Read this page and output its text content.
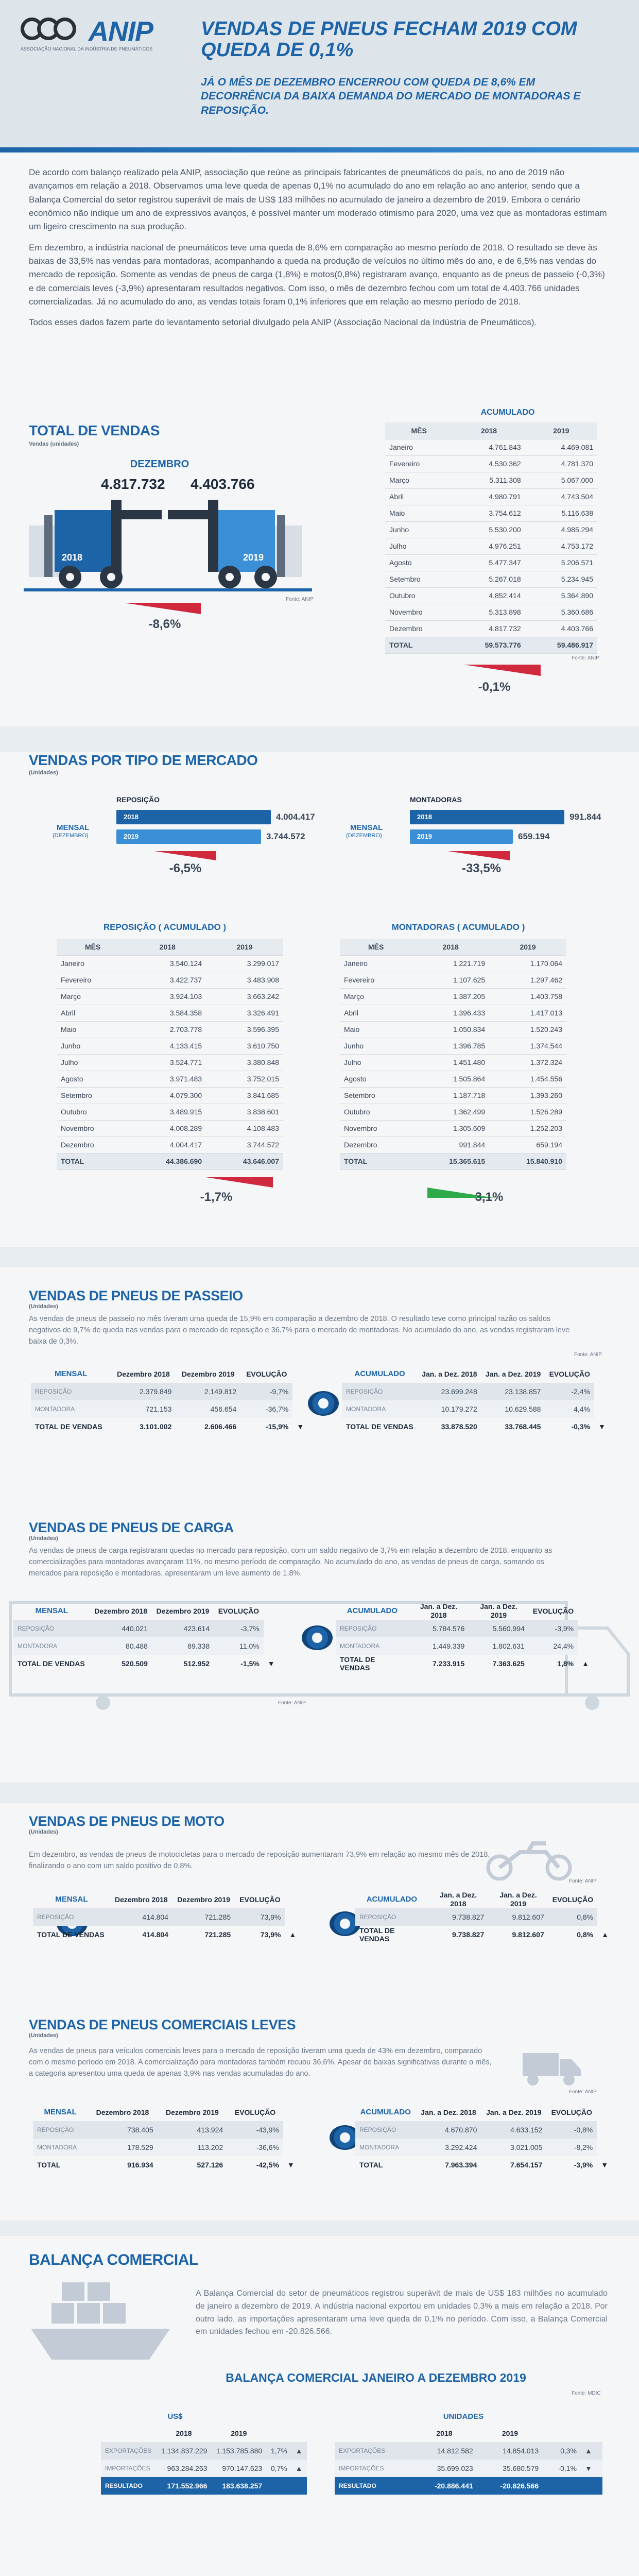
ANIP
ASSOCIAÇÃO NACIONAL DA INDÚSTRIA DE PNEUMÁTICOS
VENDAS DE PNEUS FECHAM 2019 COM QUEDA DE 0,1%
JÁ O MÊS DE DEZEMBRO ENCERROU COM QUEDA DE 8,6% EM DECORRÊNCIA DA BAIXA DEMANDA DO MERCADO DE MONTADORAS E REPOSIÇÃO.

De acordo com balanço realizado pela ANIP, associação que reúne as principais fabricantes de pneumáticos do país, no ano de 2019 não avançamos em relação a 2018. Observamos uma leve queda de apenas 0,1% no acumulado do ano em relação ao ano anterior, sendo que a Balança Comercial do setor registrou superávit de mais de US$ 183 milhões no acumulado de janeiro a dezembro de 2019. Embora o cenário econômico não indique um ano de expressivos avanços, é possível manter um moderado otimismo para 2020, uma vez que as montadoras estimam um ligeiro crescimento na sua produção.

Em dezembro, a indústria nacional de pneumáticos teve uma queda de 8,6% em comparação ao mesmo período de 2018. O resultado se deve às baixas de 33,5% nas vendas para montadoras, acompanhando a queda na produção de veículos no último mês do ano, e de 6,5% nas vendas do mercado de reposição. Somente as vendas de pneus de carga (1,8%) e motos(0,8%) registraram avanço, enquanto as de pneus de passeio (-0,3%) e de comerciais leves (-3,9%) apresentaram resultados negativos. Com isso, o mês de dezembro fechou com um total de 4.403.766 unidades comercializadas. Já no acumulado do ano, as vendas totais foram 0,1% inferiores que em relação ao mesmo período de 2018.

Todos esses dados fazem parte do levantamento setorial divulgado pela ANIP (Associação Nacional da Indústria de Pneumáticos).

TOTAL DE VENDAS
Vendas (unidades)
DEZEMBRO
4.817.732 4.403.766
2018	2019
Fonte: ANIP
-8,6%
ACUMULADO
MÊS	2018	2019
Janeiro	4.761.843	4.469.081
Fevereiro	4.530.362	4.781.370
Março	5.311.308	5.067.000
Abril	4.980.791	4.743.504
Maio	3.754.612	5.116.638
Junho	5.530.200	4.985.294
Julho	4.976.251	4.753.172
Agosto	5.477.347	5.206.571
Setembro	5.267.018	5.234.945
Outubro	4.852.414	5.364.890
Novembro	5.313.898	5.360.686
Dezembro	4.817.732	4.403.766
TOTAL	59.573.776	59.486.917
Fonte: ANIP
-0,1%
VENDAS POR TIPO DE MERCADO
(Unidades)
REPOSIÇÃO
MENSAL
(DEZEMBRO)
2018	4.004.417
2019	3.744.572
-6,5%
MONTADORAS
MENSAL
(DEZEMBRO)
2018	991.844
2019	659.194
-33,5%
REPOSIÇÃO ( ACUMULADO )
MÊS	2018	2019
Janeiro	3.540.124	3.299.017
Fevereiro	3.422.737	3.483.908
Março	3.924.103	3.663.242
Abril	3.584.358	3.326.491
Maio	2.703.778	3.596.395
Junho	4.133.415	3.610.750
Julho	3.524.771	3.380.848
Agosto	3.971.483	3.752.015
Setembro	4.079.300	3.841.685
Outubro	3.489.915	3.838.601
Novembro	4.008.289	4.108.483
Dezembro	4.004.417	3.744.572
TOTAL	44.386.690	43.646.007
-1,7%
MONTADORAS ( ACUMULADO )
MÊS	2018	2019
Janeiro	1.221.719	1.170.064
Fevereiro	1.107.625	1.297.462
Março	1.387.205	1.403.758
Abril	1.396.433	1.417.013
Maio	1.050.834	1.520.243
Junho	1.396.785	1.374.544
Julho	1.451.480	1.372.324
Agosto	1.505.864	1.454.556
Setembro	1.187.718	1.393.260
Outubro	1.362.499	1.526.289
Novembro	1.305.609	1.252.203
Dezembro	991.844	659.194
TOTAL	15.365.615	15.840.910
3,1%
VENDAS DE PNEUS DE PASSEIO
(Unidades)
As vendas de pneus de passeio no mês tiveram uma queda de 15,9% em comparação a dezembro de 2018. O resultado teve como principal razão os saldos negativos de 9,7% de queda nas vendas para o mercado de reposição e 36,7% para o mercado de montadoras. No acumulado do ano, as vendas registraram leve baixa de 0,3%.
Fonte: ANIP
MENSAL	Dezembro 2018	Dezembro 2019	EVOLUÇÃO	
REPOSIÇÃO	2.379.849	2.149.812	-9,7%	
MONTADORA	721.153	456.654	-36,7%	
TOTAL DE VENDAS	3.101.002	2.606.466	-15,9%	▼
ACUMULADO	Jan. a Dez. 2018	Jan. a Dez. 2019	EVOLUÇÃO	
REPOSIÇÃO	23.699.248	23.138.857	-2,4%	
MONTADORA	10.179.272	10.629.588	4,4%	
TOTAL DE VENDAS	33.878.520	33.768.445	-0,3%	▼
VENDAS DE PNEUS DE CARGA
(Unidades)
As vendas de pneus de carga registraram quedas no mercado para reposição, com um saldo negativo de 3,7% em relação a dezembro de 2018, enquanto as comercializações para montadoras avançaram 11%, no mesmo período de comparação. No acumulado do ano, as vendas de pneus de carga, somando os mercados para reposição e montadoras, apresentaram um leve aumento de 1,8%.
MENSAL	Dezembro 2018	Dezembro 2019	EVOLUÇÃO	
REPOSIÇÃO	440.021	423.614	-3,7%	
MONTADORA	80.488	89.338	11,0%	
TOTAL DE VENDAS	520.509	512.952	-1,5%	▼
ACUMULADO	Jan. a Dez. 2018	Jan. a Dez. 2019	EVOLUÇÃO	
REPOSIÇÃO	5.784.576	5.560.994	-3,9%	
MONTADORA	1.449.339	1.802.631	24,4%	
TOTAL DE VENDAS	7.233.915	7.363.625	1,8%	▲
Fonte: ANIP
VENDAS DE PNEUS DE MOTO
(Unidades)
Em dezembro, as vendas de pneus de motocicletas para o mercado de reposição aumentaram 73,9% em relação ao mesmo mês de 2018, finalizando o ano com um saldo positivo de 0,8%.
Fonte: ANIP
MENSAL	Dezembro 2018	Dezembro 2019	EVOLUÇÃO	
REPOSIÇÃO	414.804	721.285	73,9%	
TOTAL DE VENDAS	414.804	721.285	73,9%	▲
ACUMULADO	Jan. a Dez. 2018	Jan. a Dez. 2019	EVOLUÇÃO	
REPOSIÇÃO	9.738.827	9.812.607	0,8%	
TOTAL DE VENDAS	9.738.827	9.812.607	0,8%	▲
VENDAS DE PNEUS COMERCIAIS LEVES
(Unidades)
As vendas de pneus para veículos comerciais leves para o mercado de reposição tiveram uma queda de 43% em dezembro, comparado com o mesmo período em 2018. A comercialização para montadoras também recuou 36,6%. Apesar de baixas significativas durante o mês, a categoria apresentou uma queda de apenas 3,9% nas vendas acumuladas do ano.
Fonte: ANIP
MENSAL	Dezembro 2018	Dezembro 2019	EVOLUÇÃO	
REPOSIÇÃO	738.405	413.924	-43,9%	
MONTADORA	178.529	113.202	-36,6%	
TOTAL	916.934	527.126	-42,5%	▼
ACUMULADO	Jan. a Dez. 2018	Jan. a Dez. 2019	EVOLUÇÃO	
REPOSIÇÃO	4.670.870	4.633.152	-0,8%	
MONTADORA	3.292.424	3.021.005	-8,2%	
TOTAL	7.963.394	7.654.157	-3,9%	▼
BALANÇA COMERCIAL
A Balança Comercial do setor de pneumáticos registrou superávit de mais de US$ 183 milhões no acumulado de janeiro a dezembro de 2019. A indústria nacional exportou em unidades 0,3% a mais em relação a 2018. Por outro lado, as importações apresentaram uma leve queda de 0,1% no período. Com isso, a Balança Comercial em unidades fechou em -20.826.566.
BALANÇA COMERCIAL JANEIRO A DEZEMBRO 2019
Fonte: MDIC
US$
	2018	2019		
EXPORTAÇÕES	1.134.837.229	1.153.785.880	1,7%	▲
IMPORTAÇÕES	963.284.263	970.147.623	0,7%	▲
RESULTADO	171.552.966	183.638.257		
UNIDADES
	2018	2019		
EXPORTAÇÕES	14.812.582	14.854.013	0,3%	▲
IMPORTAÇÕES	35.699.023	35.680.579	-0,1%	▼
RESULTADO	-20.886.441	-20.826.566		
